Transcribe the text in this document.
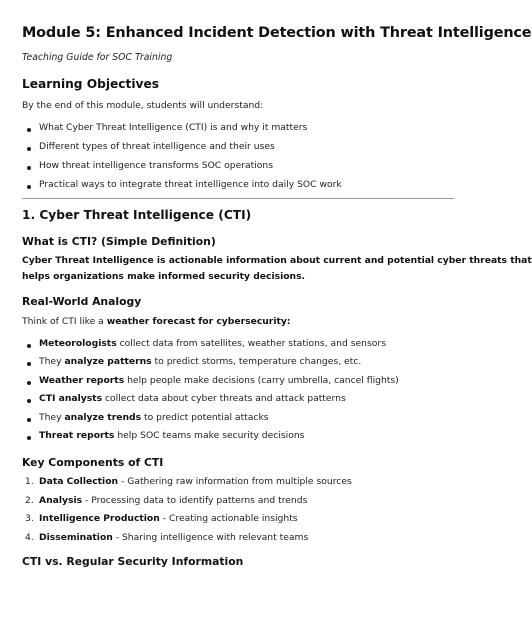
Module 5: Enhanced Incident Detection with Threat Intelligence
Teaching Guide for SOC Training
Learning Objectives
By the end of this module, students will understand:
What Cyber Threat Intelligence (CTI) is and why it matters
Different types of threat intelligence and their uses
How threat intelligence transforms SOC operations
Practical ways to integrate threat intelligence into daily SOC work
1. Cyber Threat Intelligence (CTI)
What is CTI? (Simple Definition)
Cyber Threat Intelligence is actionable information about current and potential cyber threats that
helps organizations make informed security decisions.
Real-World Analogy
Think of CTI like a weather forecast for cybersecurity:
Meteorologists collect data from satellites, weather stations, and sensors
They analyze patterns to predict storms, temperature changes, etc.
Weather reports help people make decisions (carry umbrella, cancel flights)
CTI analysts collect data about cyber threats and attack patterns
They analyze trends to predict potential attacks
Threat reports help SOC teams make security decisions
Key Components of CTI
1. Data Collection - Gathering raw information from multiple sources
2. Analysis - Processing data to identify patterns and trends
3. Intelligence Production - Creating actionable insights
4. Dissemination - Sharing intelligence with relevant teams
CTI vs. Regular Security Information
